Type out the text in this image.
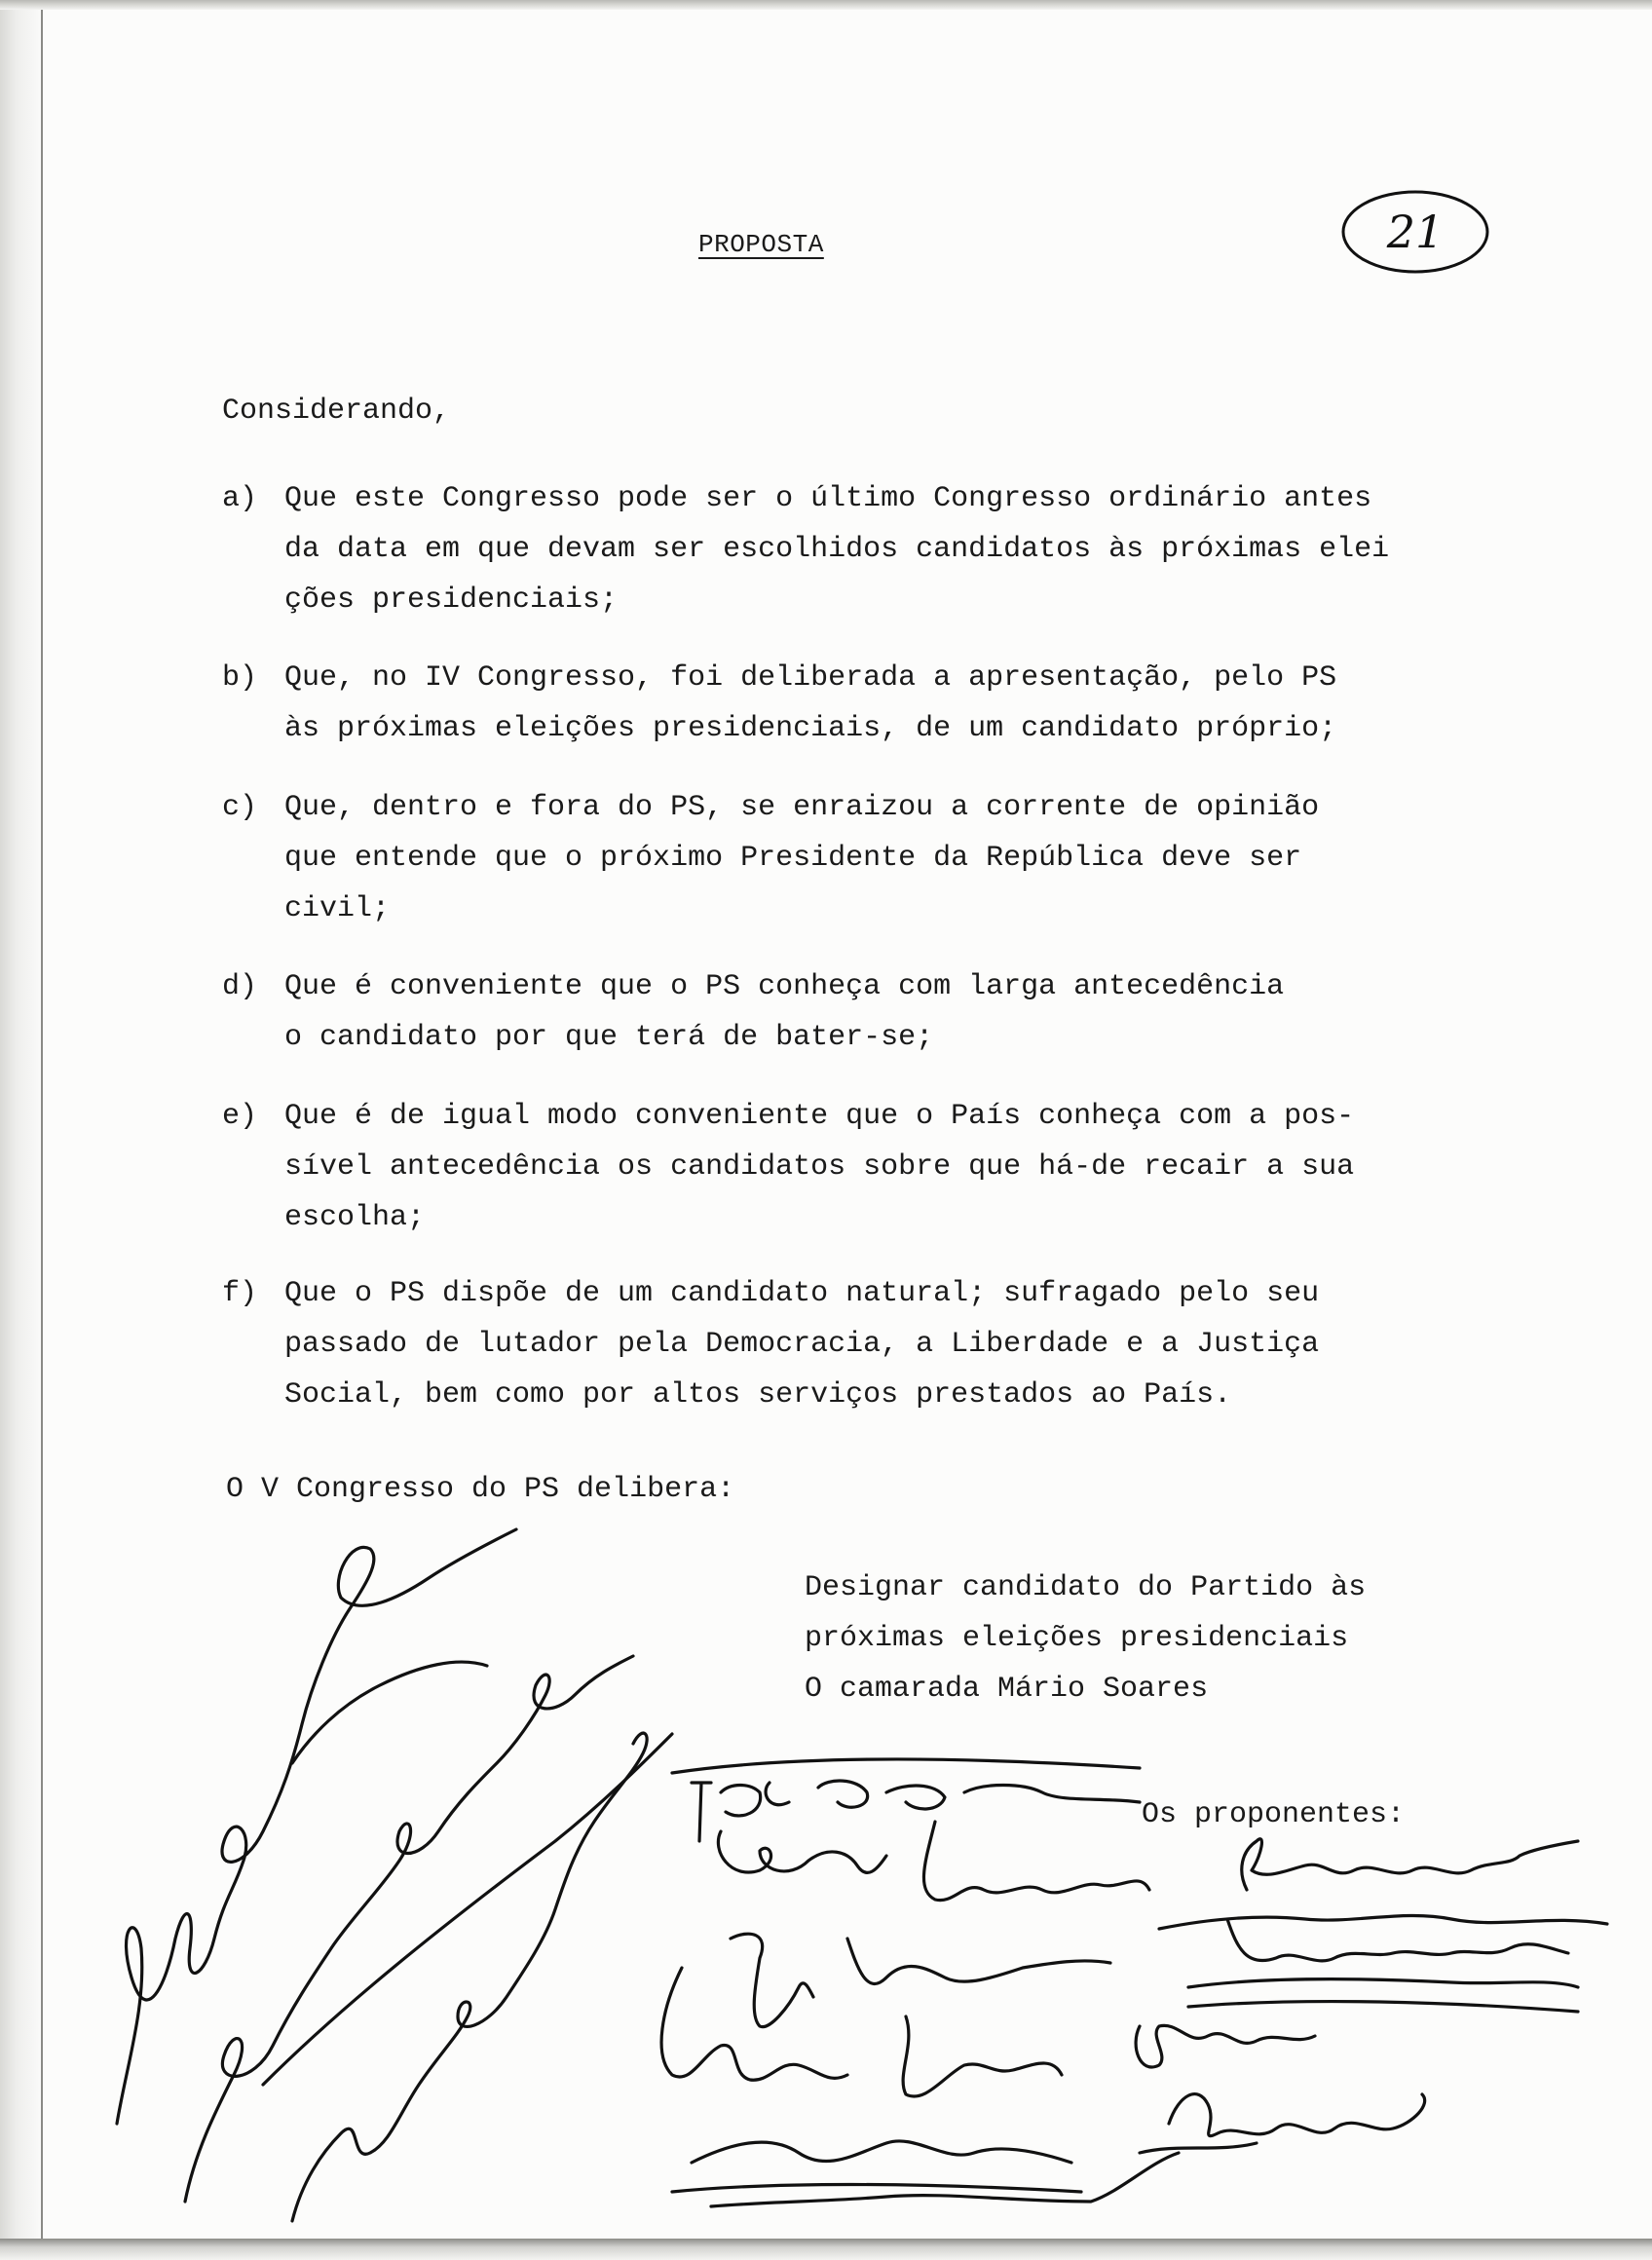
PROPOSTA	21
Considerando,
a) Que este Congresso pode ser o último Congresso ordinário antes
da data em que devam ser escolhidos candidatos às próximas elei
ções presidenciais;
b) Que, no IV Congresso, foi deliberada a apresentação, pelo PS
às próximas eleições presidenciais, de um candidato próprio;
c) Que, dentro e fora do PS, se enraizou a corrente de opinião
que entende que o próximo Presidente da República deve ser
civil;
d) Que é conveniente que o PS conheça com larga antecedência
o candidato por que terá de bater-se;
e) Que é de igual modo conveniente que o País conheça com a pos-
sível antecedência os candidatos sobre que há-de recair a sua
escolha;
f) Que o PS dispõe de um candidato natural; sufragado pelo seu
passado de lutador pela Democracia, a Liberdade e a Justiça
Social, bem como por altos serviços prestados ao País.
O V Congresso do PS delibera:
Designar candidato do Partido às
próximas eleições presidenciais
O camarada Mário Soares
Os proponentes:
